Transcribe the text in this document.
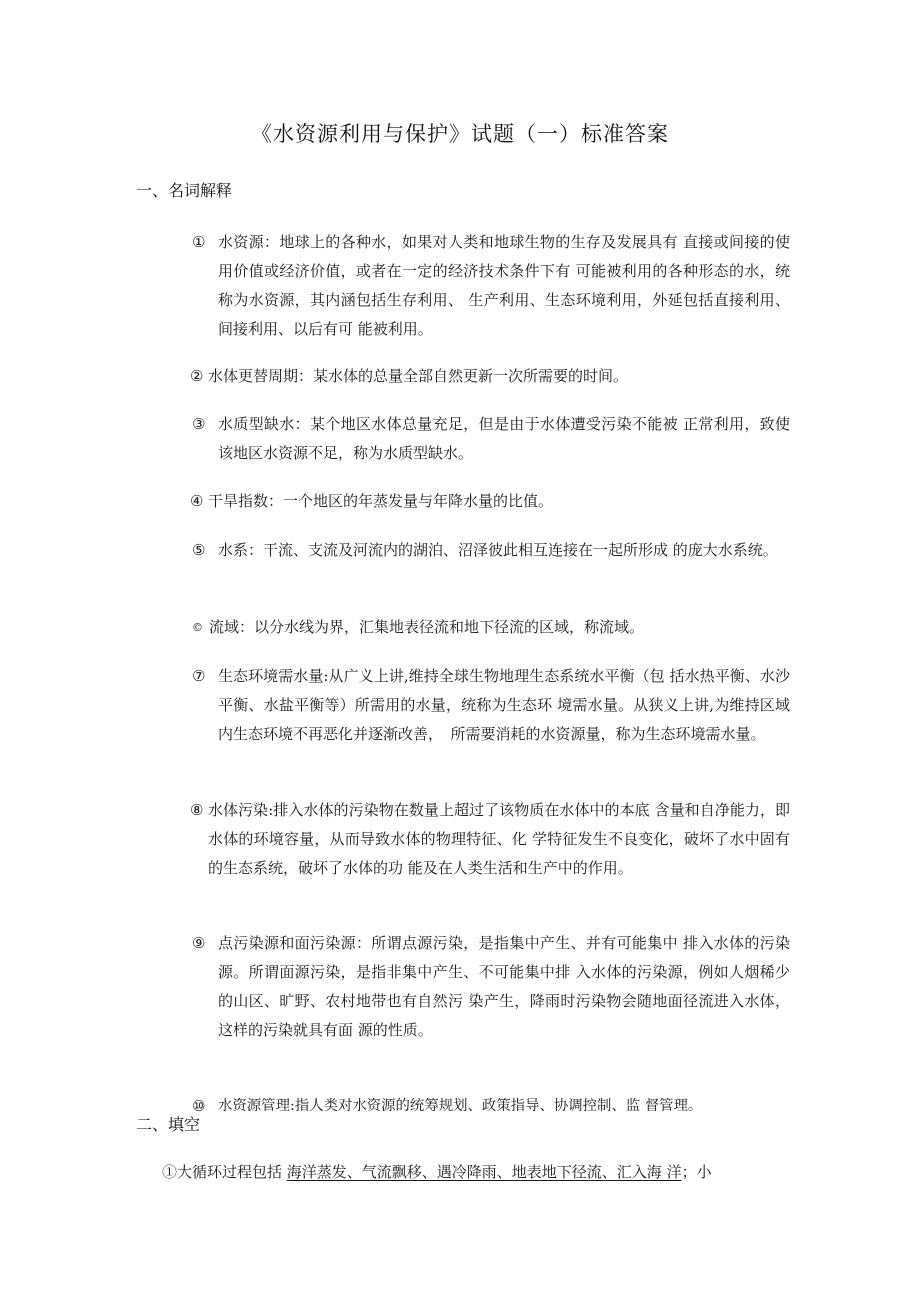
《水资源利用与保护》试题（一）标准答案
一、名词解释
① 水资源：地球上的各种水，如果对人类和地球生物的生存及发展具有 直接或间接的使用价值或经济价值，或者在一定的经济技术条件下有 可能被利用的各种形态的水，统称为水资源，其内涵包括生存利用、 生产利用、生态环境利用，外延包括直接利用、间接利用、以后有可 能被利用。
② 水体更替周期：某水体的总量全部自然更新一次所需要的时间。
③ 水质型缺水：某个地区水体总量充足，但是由于水体遭受污染不能被 正常利用，致使该地区水资源不足，称为水质型缺水。
④ 干旱指数：一个地区的年蒸发量与年降水量的比值。
⑤ 水系：干流、支流及河流内的湖泊、沼泽彼此相互连接在一起所形成 的庞大水系统。
© 流域：以分水线为界，汇集地表径流和地下径流的区域，称流域。
⑦ 生态环境需水量:从广义上讲,维持全球生物地理生态系统水平衡（包 括水热平衡、水沙平衡、水盐平衡等）所需用的水量，统称为生态环 境需水量。从狭义上讲,为维持区域内生态环境不再恶化并逐渐改善，　所需要消耗的水资源量，称为生态环境需水量。
⑧ 水体污染:排入水体的污染物在数量上超过了该物质在水体中的本底 含量和自净能力，即水体的环境容量，从而导致水体的物理特征、化 学特征发生不良变化，破坏了水中固有的生态系统，破坏了水体的功 能及在人类生活和生产中的作用。
⑨ 点污染源和面污染源：所谓点源污染，是指集中产生、并有可能集中 排入水体的污染源。所谓面源污染，是指非集中产生、不可能集中排 入水体的污染源，例如人烟稀少的山区、旷野、农村地带也有自然污 染产生，降雨时污染物会随地面径流进入水体，这样的污染就具有面 源的性质。
⑩ 水资源管理:指人类对水资源的统筹规划、政策指导、协调控制、监 督管理。
二、填空
①大循环过程包括 海洋蒸发、气流飘移、遇冷降雨、地表地下径流、汇入海 洋；小
